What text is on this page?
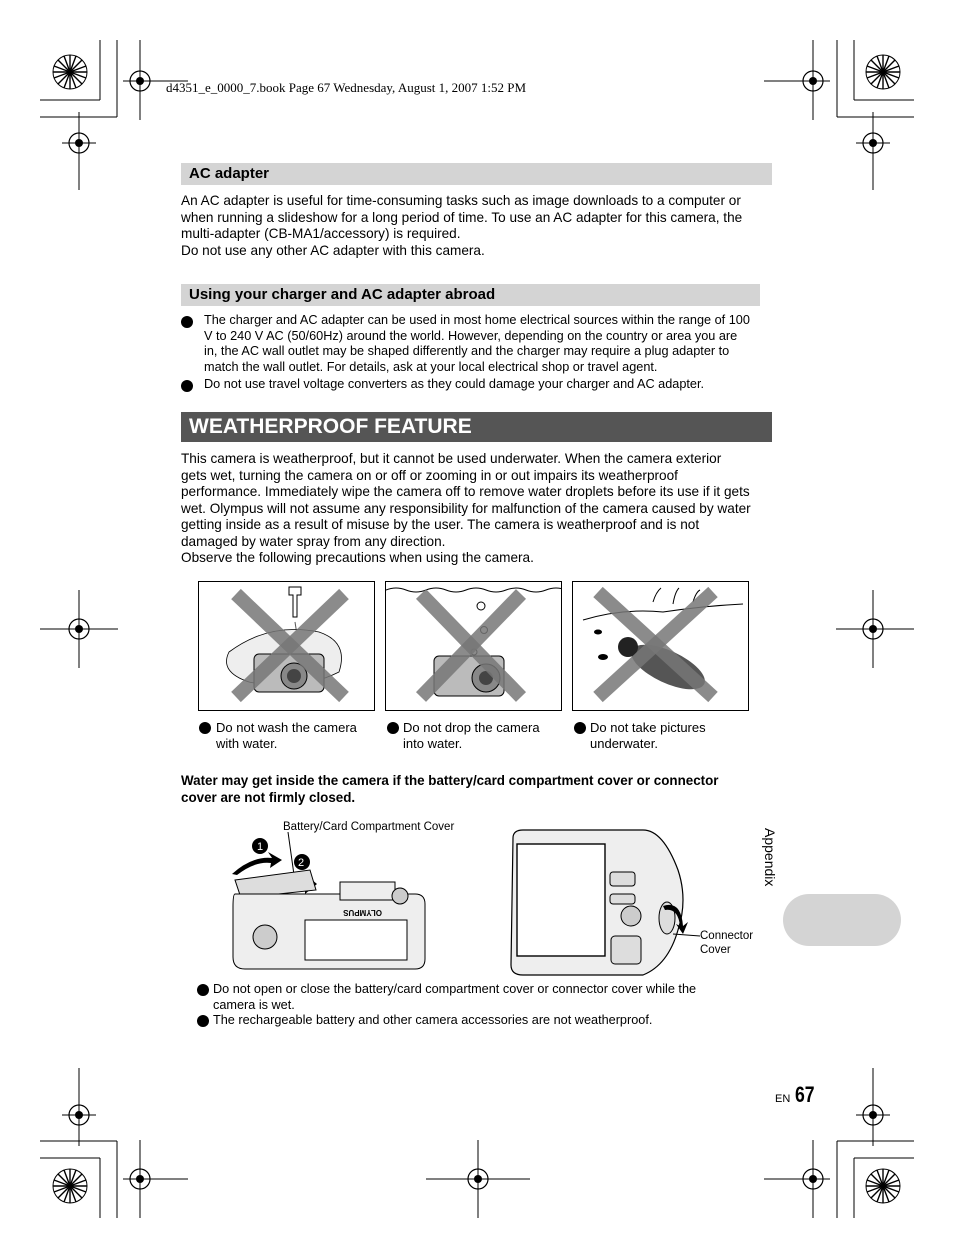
d4351_e_0000_7.book Page 67 Wednesday, August 1, 2007 1:52 PM
AC adapter
An AC adapter is useful for time-consuming tasks such as image downloads to a computer or
when running a slideshow for a long period of time. To use an AC adapter for this camera, the
multi-adapter (CB-MA1/accessory) is required.
Do not use any other AC adapter with this camera.
Using your charger and AC adapter abroad
The charger and AC adapter can be used in most home electrical sources within the range of 100
V to 240 V AC (50/60Hz) around the world. However, depending on the country or area you are
in, the AC wall outlet may be shaped differently and the charger may require a plug adapter to
match the wall outlet. For details, ask at your local electrical shop or travel agent.
Do not use travel voltage converters as they could damage your charger and AC adapter.
WEATHERPROOF FEATURE
This camera is weatherproof, but it cannot be used underwater. When the camera exterior
gets wet, turning the camera on or off or zooming in or out impairs its weatherproof
performance. Immediately wipe the camera off to remove water droplets before its use if it gets
wet. Olympus will not assume any responsibility for malfunction of the camera caused by water
getting inside as a result of misuse by the user. The camera is weatherproof and is not
damaged by water spray from any direction.
Observe the following precautions when using the camera.
Do not wash the camera
with water.
Do not drop the camera
into water.
Do not take pictures
underwater.
Water may get inside the camera if the battery/card compartment cover or connector
cover are not firmly closed.
Battery/Card Compartment Cover
1
2
OLYMPUS
Connector
Cover
Do not open or close the battery/card compartment cover or connector cover while the
camera is wet.
The rechargeable battery and other camera accessories are not weatherproof.
Appendix
EN 67
